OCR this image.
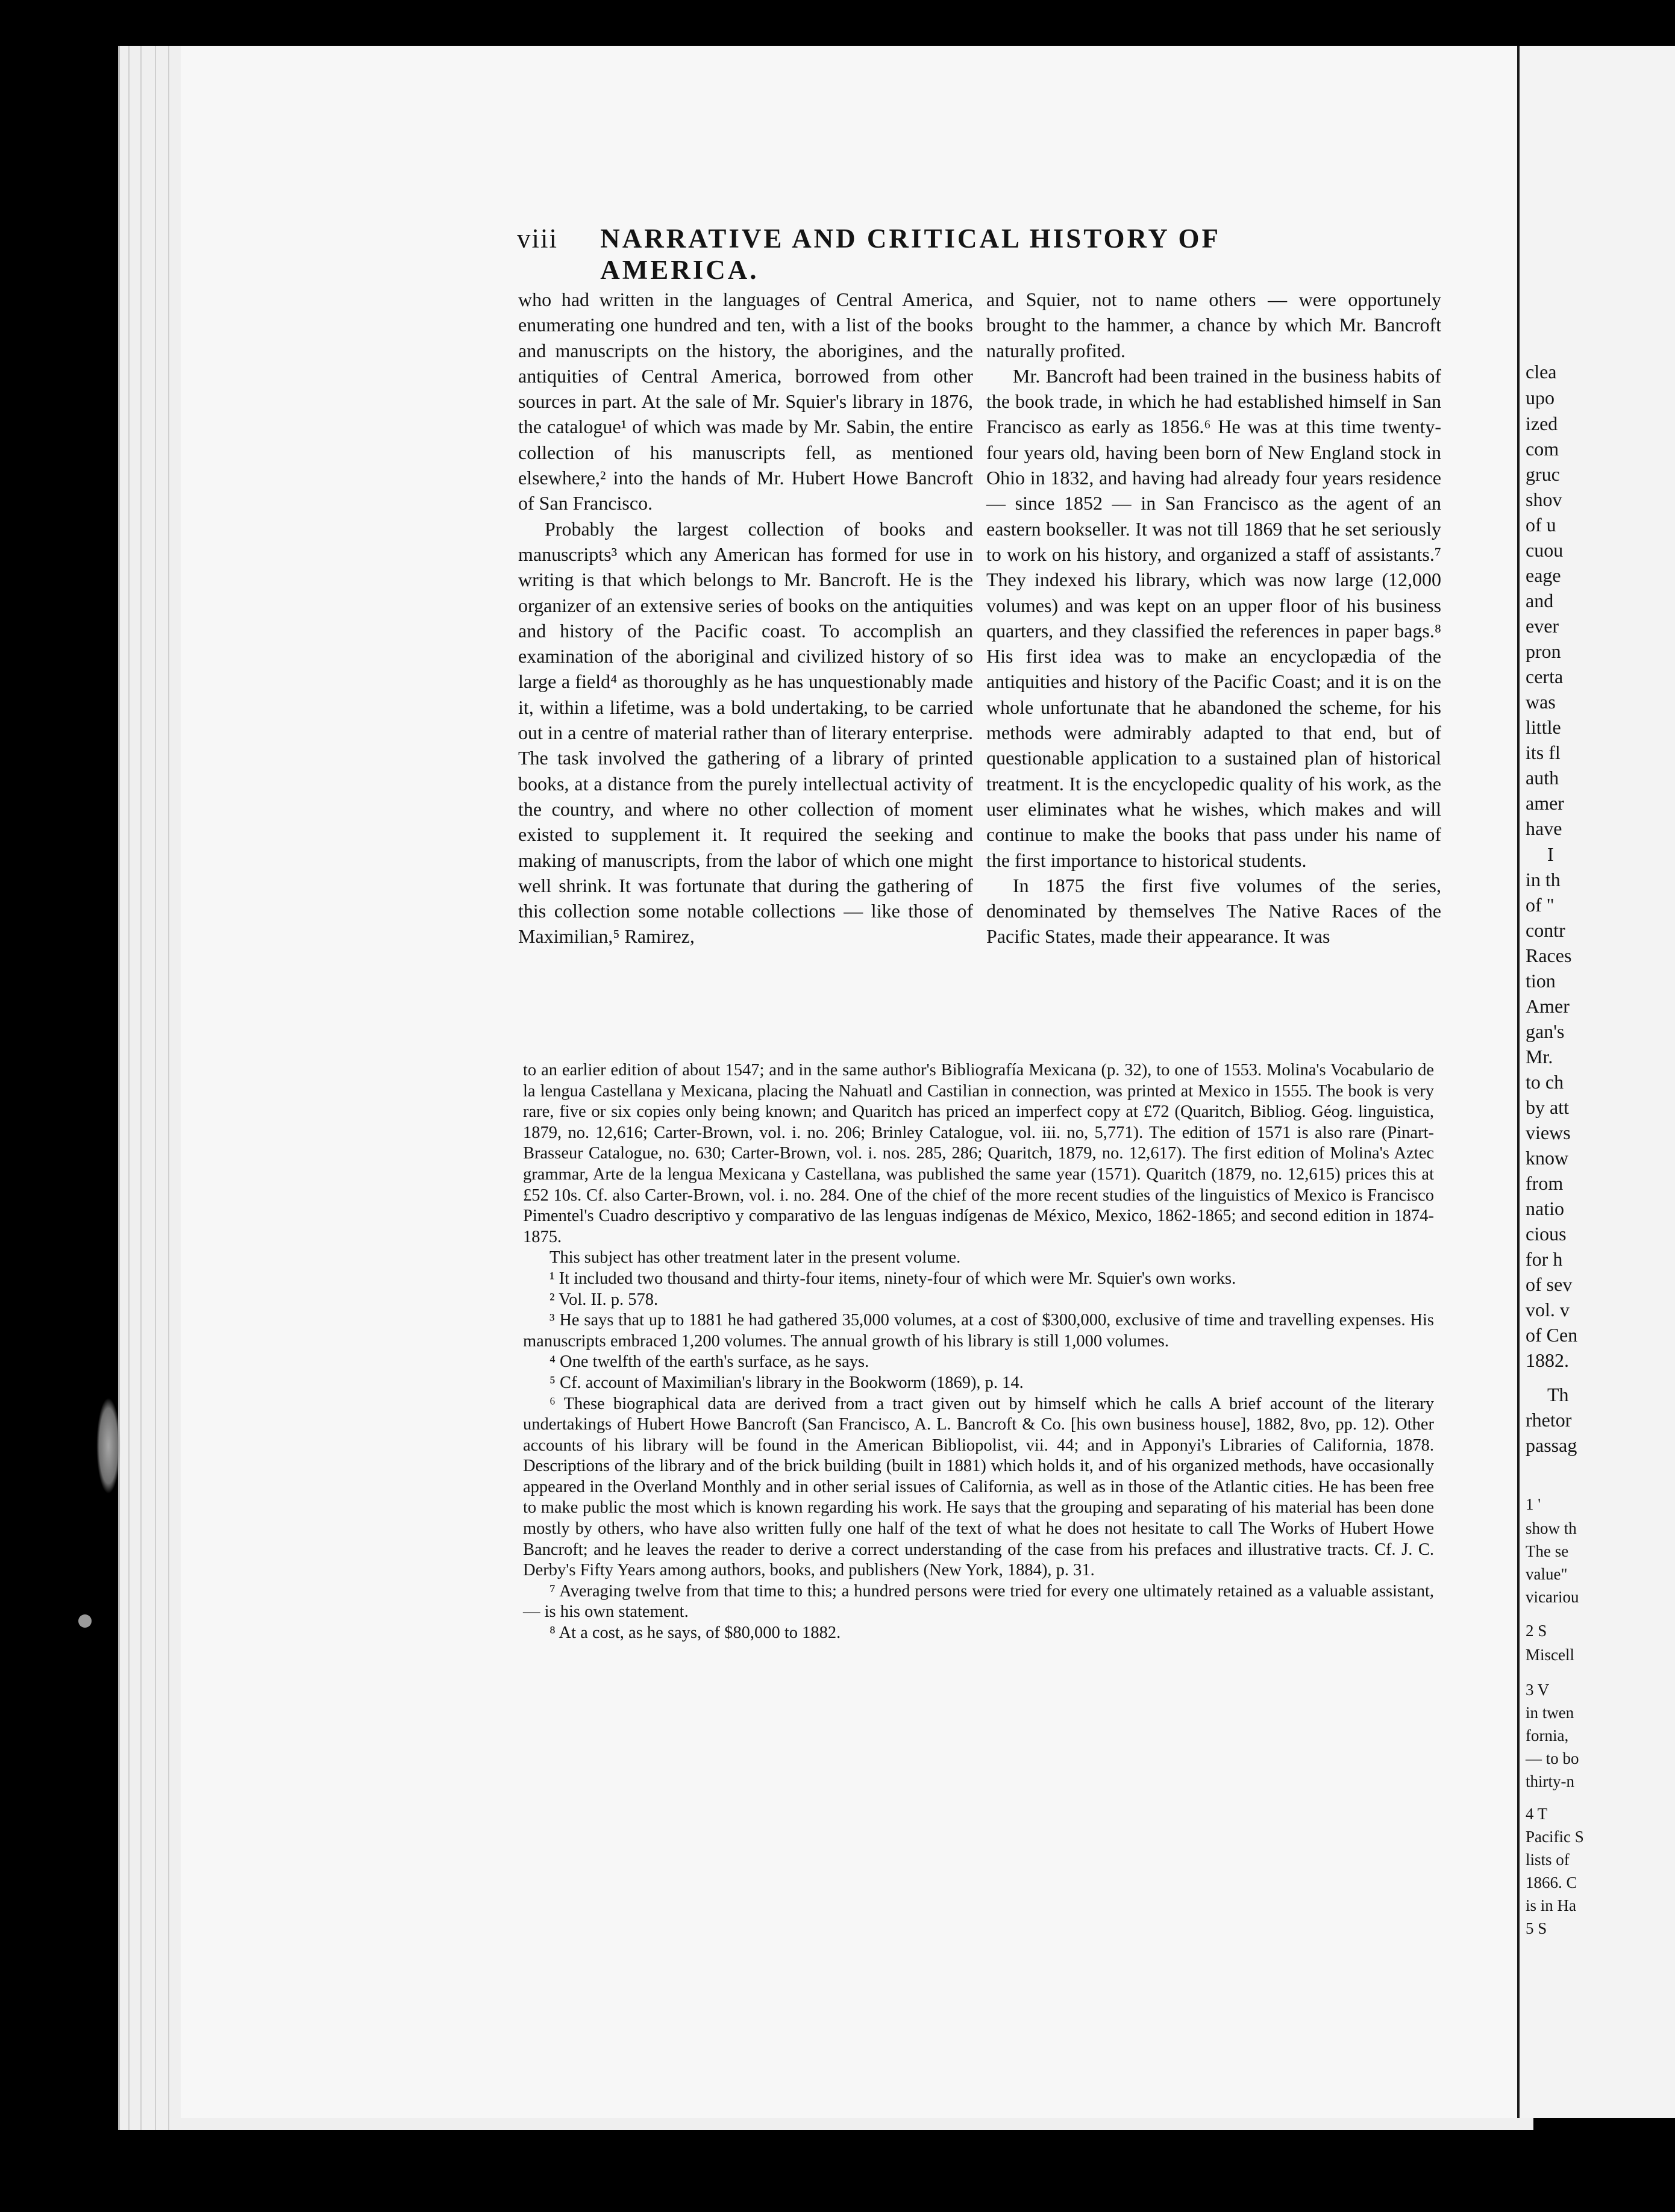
viii	NARRATIVE AND CRITICAL HISTORY OF AMERICA.

who had written in the languages of Central America, enumerating one hundred and ten, with a list of the books and manuscripts on the history, the aborigines, and the antiquities of Central America, borrowed from other sources in part. At the sale of Mr. Squier's library in 1876, the catalogue¹ of which was made by Mr. Sabin, the entire collection of his manuscripts fell, as mentioned elsewhere,² into the hands of Mr. Hubert Howe Bancroft of San Francisco.

Probably the largest collection of books and manuscripts³ which any American has formed for use in writing is that which belongs to Mr. Bancroft. He is the organizer of an extensive series of books on the antiquities and history of the Pacific coast. To accomplish an examination of the aboriginal and civilized history of so large a field⁴ as thoroughly as he has unquestionably made it, within a lifetime, was a bold undertaking, to be carried out in a centre of material rather than of literary enterprise. The task involved the gathering of a library of printed books, at a distance from the purely intellectual activity of the country, and where no other collection of moment existed to supplement it. It required the seeking and making of manuscripts, from the labor of which one might well shrink. It was fortunate that during the gathering of this collection some notable collections — like those of Maximilian,⁵ Ramirez,

and Squier, not to name others — were opportunely brought to the hammer, a chance by which Mr. Bancroft naturally profited.

Mr. Bancroft had been trained in the business habits of the book trade, in which he had established himself in San Francisco as early as 1856.⁶ He was at this time twenty-four years old, having been born of New England stock in Ohio in 1832, and having had already four years residence — since 1852 — in San Francisco as the agent of an eastern bookseller. It was not till 1869 that he set seriously to work on his history, and organized a staff of assistants.⁷ They indexed his library, which was now large (12,000 volumes) and was kept on an upper floor of his business quarters, and they classified the references in paper bags.⁸ His first idea was to make an encyclopædia of the antiquities and history of the Pacific Coast; and it is on the whole unfortunate that he abandoned the scheme, for his methods were admirably adapted to that end, but of questionable application to a sustained plan of historical treatment. It is the encyclopedic quality of his work, as the user eliminates what he wishes, which makes and will continue to make the books that pass under his name of the first importance to historical students.

In 1875 the first five volumes of the series, denominated by themselves The Native Races of the Pacific States, made their appearance. It was

to an earlier edition of about 1547; and in the same author's Bibliografía Mexicana (p. 32), to one of 1553. Molina's Vocabulario de la lengua Castellana y Mexicana, placing the Nahuatl and Castilian in connection, was printed at Mexico in 1555. The book is very rare, five or six copies only being known; and Quaritch has priced an imperfect copy at £72 (Quaritch, Bibliog. Géog. linguistica, 1879, no. 12,616; Carter-Brown, vol. i. no. 206; Brinley Catalogue, vol. iii. no, 5,771). The edition of 1571 is also rare (Pinart-Brasseur Catalogue, no. 630; Carter-Brown, vol. i. nos. 285, 286; Quaritch, 1879, no. 12,617). The first edition of Molina's Aztec grammar, Arte de la lengua Mexicana y Castellana, was published the same year (1571). Quaritch (1879, no. 12,615) prices this at £52 10s. Cf. also Carter-Brown, vol. i. no. 284. One of the chief of the more recent studies of the linguistics of Mexico is Francisco Pimentel's Cuadro descriptivo y comparativo de las lenguas indígenas de México, Mexico, 1862-1865; and second edition in 1874-1875.

This subject has other treatment later in the present volume.

¹ It included two thousand and thirty-four items, ninety-four of which were Mr. Squier's own works.

² Vol. II. p. 578.

³ He says that up to 1881 he had gathered 35,000 volumes, at a cost of $300,000, exclusive of time and travelling expenses. His manuscripts embraced 1,200 volumes. The annual growth of his library is still 1,000 volumes.

⁴ One twelfth of the earth's surface, as he says.

⁵ Cf. account of Maximilian's library in the Bookworm (1869), p. 14.

⁶ These biographical data are derived from a tract given out by himself which he calls A brief account of the literary undertakings of Hubert Howe Bancroft (San Francisco, A. L. Bancroft & Co. [his own business house], 1882, 8vo, pp. 12). Other accounts of his library will be found in the American Bibliopolist, vii. 44; and in Apponyi's Libraries of California, 1878. Descriptions of the library and of the brick building (built in 1881) which holds it, and of his organized methods, have occasionally appeared in the Overland Monthly and in other serial issues of California, as well as in those of the Atlantic cities. He has been free to make public the most which is known regarding his work. He says that the grouping and separating of his material has been done mostly by others, who have also written fully one half of the text of what he does not hesitate to call The Works of Hubert Howe Bancroft; and he leaves the reader to derive a correct understanding of the case from his prefaces and illustrative tracts. Cf. J. C. Derby's Fifty Years among authors, books, and publishers (New York, 1884), p. 31.

⁷ Averaging twelve from that time to this; a hundred persons were tried for every one ultimately retained as a valuable assistant, — is his own statement.

⁸ At a cost, as he says, of $80,000 to 1882.

clea
upo
ized
com
gruc
shov
of u
cuou
eage
and
ever
pron
certa
was
little
its fl
auth
amer
have
I
in th
of "
contr
Races
tion
Amer
gan's
Mr.
to ch
by att
views
know
from
natio
cious
for h
of sev
vol. v
of Cen
1882.
Th
rhetor
passag
1 '
show th
The se
value"
vicariou
2 S
Miscell
3 V
in twen
fornia,
— to bo
thirty-n
4 T
Pacific S
lists of
1866. C
is in Ha
5 S
